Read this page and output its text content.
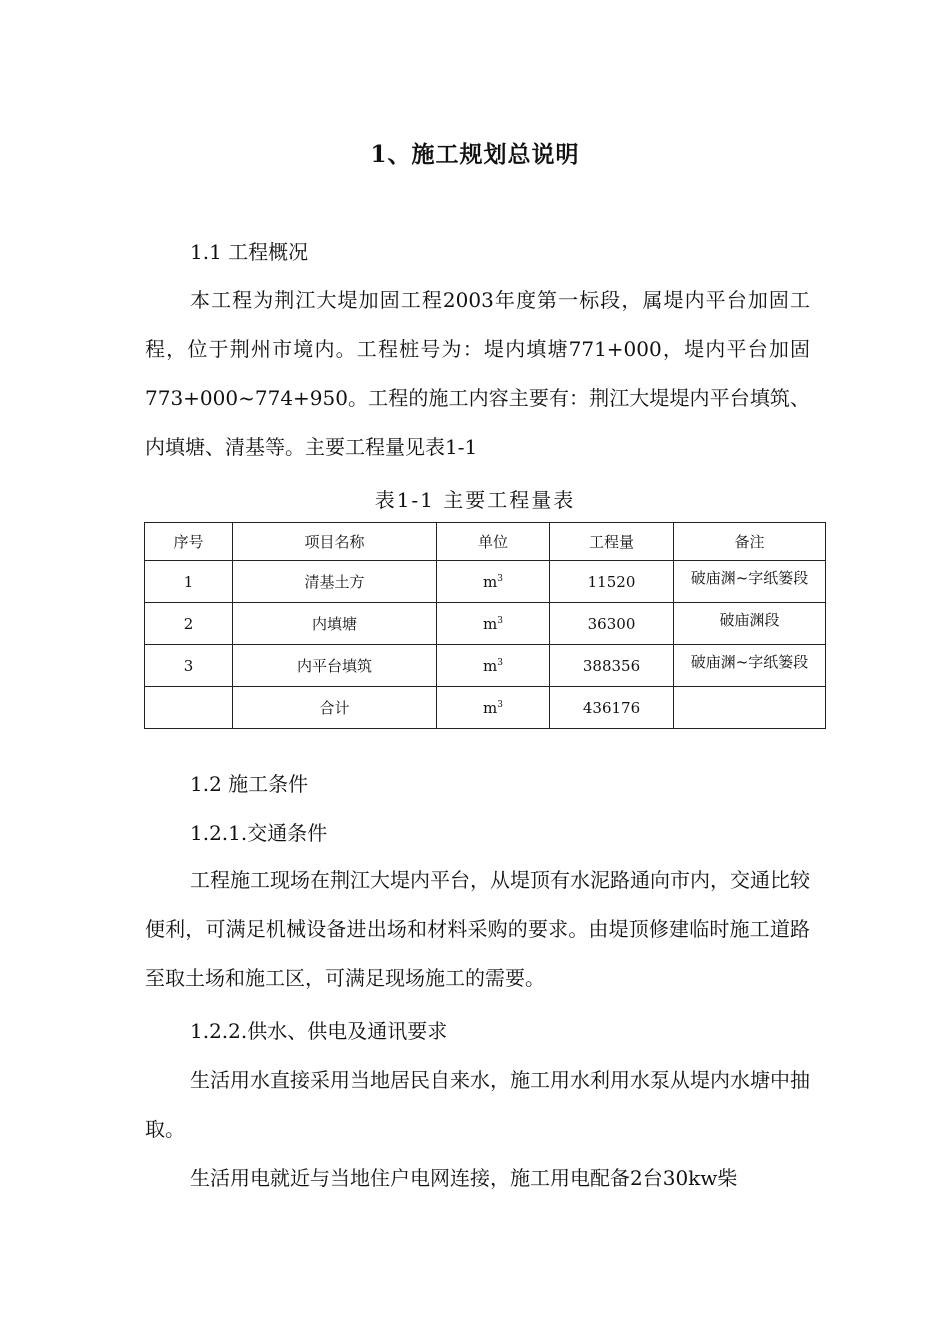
1、施工规划总说明
1.1 工程概况

本工程为荆江大堤加固工程2003年度第一标段，属堤内平台加固工程，位于荆州市境内。工程桩号为：堤内填塘771+000，堤内平台加固773+000~774+950。工程的施工内容主要有：荆江大堤堤内平台填筑、内填塘、清基等。主要工程量见表1-1

表1-1 主要工程量表
序号	项目名称	单位	工程量	备注
1	清基土方	$m^3$	11520	破庙渊~字纸篓段
2	内填塘	$m^3$	36300	破庙渊段
3	内平台填筑	$m^3$	388356	破庙渊~字纸篓段
	合计	$m^3$	436176	
1.2 施工条件
1.2.1.交通条件

工程施工现场在荆江大堤内平台，从堤顶有水泥路通向市内，交通比较便利，可满足机械设备进出场和材料采购的要求。由堤顶修建临时施工道路至取土场和施工区，可满足现场施工的需要。

1.2.2.供水、供电及通讯要求

生活用水直接采用当地居民自来水，施工用水利用水泵从堤内水塘中抽取。

生活用电就近与当地住户电网连接，施工用电配备2台30kw柴
